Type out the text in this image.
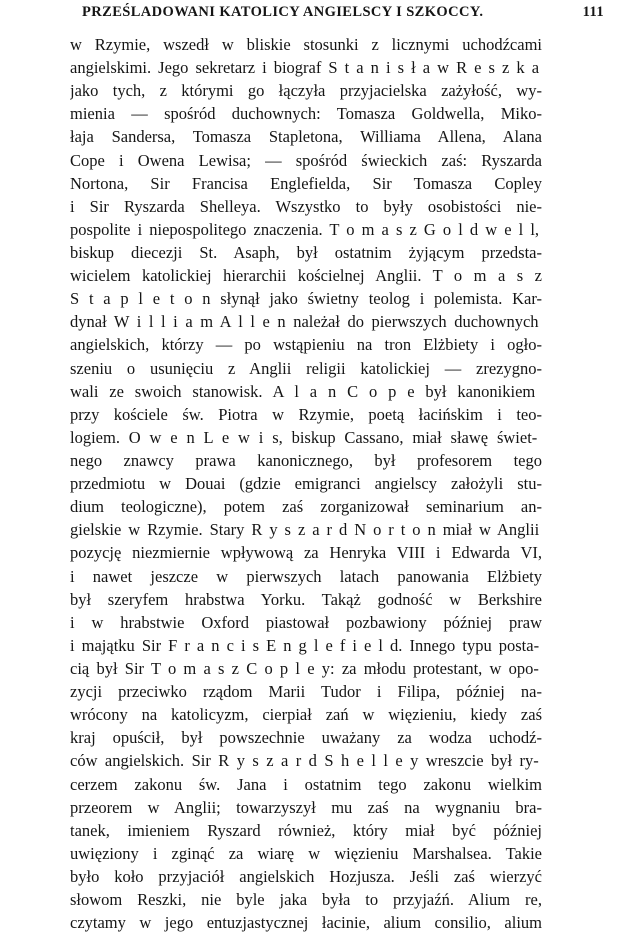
PRZEŚLADOWANI KATOLICY ANGIELSCY I SZKOCCY.	111
w Rzymie, wszedł w bliskie stosunki z licznymi uchodźcami
angielskimi. Jego sekretarz i biograf S t a n i s ł a w R e s z k a
jako tych, z którymi go łączyła przyjacielska zażyłość, wy-
mienia — spośród duchownych: Tomasza Goldwella, Miko-
łaja Sandersa, Tomasza Stapletona, Williama Allena, Alana
Cope i Owena Lewisa; — spośród świeckich zaś: Ryszarda
Nortona, Sir Francisa Englefielda, Sir Tomasza Copley
i Sir Ryszarda Shelleya. Wszystko to były osobistości nie-
pospolite i niepospolitego znaczenia. T o m a s z G o l d w e l l,
biskup diecezji St. Asaph, był ostatnim żyjącym przedsta-
wicielem katolickiej hierarchii kościelnej Anglii. T o m a s z
S t a p l e t o n słynął jako świetny teolog i polemista. Kar-
dynał W i l l i a m A l l e n należał do pierwszych duchownych
angielskich, którzy — po wstąpieniu na tron Elżbiety i ogło-
szeniu o usunięciu z Anglii religii katolickiej — zrezygno-
wali ze swoich stanowisk. A l a n C o p e był kanonikiem
przy kościele św. Piotra w Rzymie, poetą łacińskim i teo-
logiem. O w e n L e w i s, biskup Cassano, miał sławę świet-
nego znawcy prawa kanonicznego, był profesorem tego
przedmiotu w Douai (gdzie emigranci angielscy założyli stu-
dium teologiczne), potem zaś zorganizował seminarium an-
gielskie w Rzymie. Stary R y s z a r d N o r t o n miał w Anglii
pozycję niezmiernie wpływową za Henryka VIII i Edwarda VI,
i nawet jeszcze w pierwszych latach panowania Elżbiety
był szeryfem hrabstwa Yorku. Takąż godność w Berkshire
i w hrabstwie Oxford piastował pozbawiony później praw
i majątku Sir F r a n c i s E n g l e f i e l d. Innego typu posta-
cią był Sir T o m a s z C o p l e y: za młodu protestant, w opo-
zycji przeciwko rządom Marii Tudor i Filipa, później na-
wrócony na katolicyzm, cierpiał zań w więzieniu, kiedy zaś
kraj opuścił, był powszechnie uważany za wodza uchodź-
ców angielskich. Sir R y s z a r d S h e l l e y wreszcie był ry-
cerzem zakonu św. Jana i ostatnim tego zakonu wielkim
przeorem w Anglii; towarzyszył mu zaś na wygnaniu bra-
tanek, imieniem Ryszard również, który miał być później
uwięziony i zginąć za wiarę w więzieniu Marshalsea. Takie
było koło przyjaciół angielskich Hozjusza. Jeśli zaś wierzyć
słowom Reszki, nie byle jaka była to przyjaźń. Alium re,
czytamy w jego entuzjastycznej łacinie, alium consilio, alium
